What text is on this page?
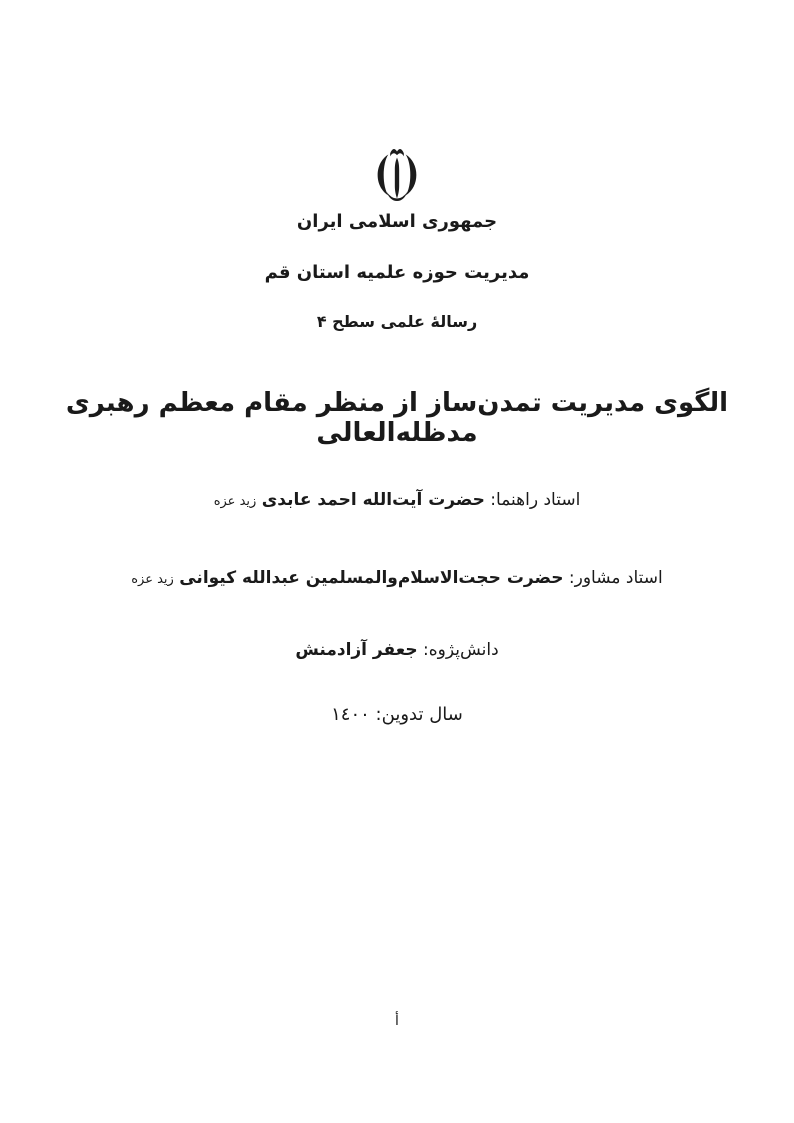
جمهوری اسلامی ایران
مدیریت حوزه علمیه استان قم
رسالۀ علمی سطح ۴
الگوی مدیریت تمدن‌ساز از منظر مقام معظم رهبری مدظله‌العالی
استاد راهنما: حضرت آیت‌الله احمد عابدی زید عزه
استاد مشاور: حضرت حجت‌الاسلام‌والمسلمین عبدالله کیوانی زید عزه
دانش‌پژوه: جعفر آزادمنش
سال تدوین: ١٤٠٠
أ
